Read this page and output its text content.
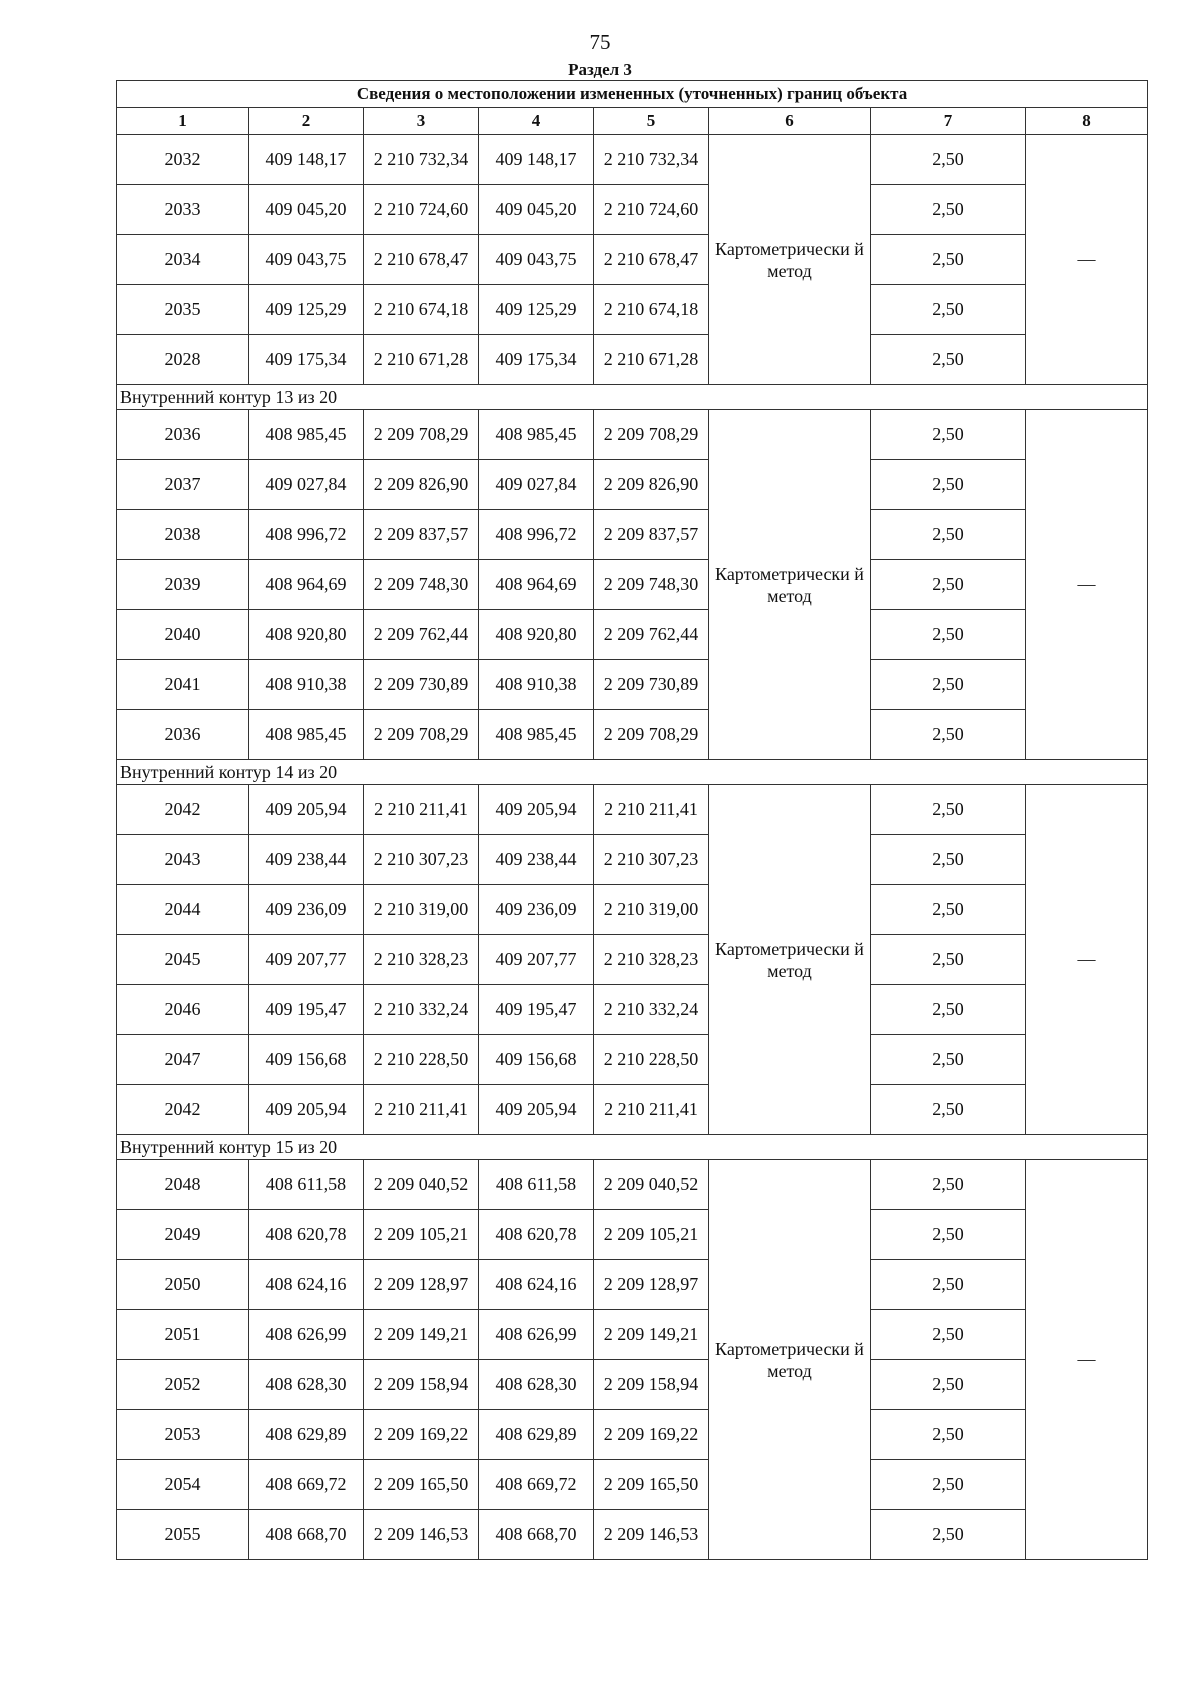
75
Раздел 3
Сведения о местоположении измененных (уточненных) границ объекта							
1	2	3	4	5	6	7	8
2032	409 148,17	2 210 732,34	409 148,17	2 210 732,34	Картометрически й метод	2,50	—
2033	409 045,20	2 210 724,60	409 045,20	2 210 724,60		2,50	
2034	409 043,75	2 210 678,47	409 043,75	2 210 678,47		2,50	
2035	409 125,29	2 210 674,18	409 125,29	2 210 674,18		2,50	
2028	409 175,34	2 210 671,28	409 175,34	2 210 671,28		2,50	
Внутренний контур 13 из 20							
2036	408 985,45	2 209 708,29	408 985,45	2 209 708,29	Картометрически й метод	2,50	—
2037	409 027,84	2 209 826,90	409 027,84	2 209 826,90		2,50	
2038	408 996,72	2 209 837,57	408 996,72	2 209 837,57		2,50	
2039	408 964,69	2 209 748,30	408 964,69	2 209 748,30		2,50	
2040	408 920,80	2 209 762,44	408 920,80	2 209 762,44		2,50	
2041	408 910,38	2 209 730,89	408 910,38	2 209 730,89		2,50	
2036	408 985,45	2 209 708,29	408 985,45	2 209 708,29		2,50	
Внутренний контур 14 из 20							
2042	409 205,94	2 210 211,41	409 205,94	2 210 211,41	Картометрически й метод	2,50	—
2043	409 238,44	2 210 307,23	409 238,44	2 210 307,23		2,50	
2044	409 236,09	2 210 319,00	409 236,09	2 210 319,00		2,50	
2045	409 207,77	2 210 328,23	409 207,77	2 210 328,23		2,50	
2046	409 195,47	2 210 332,24	409 195,47	2 210 332,24		2,50	
2047	409 156,68	2 210 228,50	409 156,68	2 210 228,50		2,50	
2042	409 205,94	2 210 211,41	409 205,94	2 210 211,41		2,50	
Внутренний контур 15 из 20							
2048	408 611,58	2 209 040,52	408 611,58	2 209 040,52	Картометрически й метод	2,50	—
2049	408 620,78	2 209 105,21	408 620,78	2 209 105,21		2,50	
2050	408 624,16	2 209 128,97	408 624,16	2 209 128,97		2,50	
2051	408 626,99	2 209 149,21	408 626,99	2 209 149,21		2,50	
2052	408 628,30	2 209 158,94	408 628,30	2 209 158,94		2,50	
2053	408 629,89	2 209 169,22	408 629,89	2 209 169,22		2,50	
2054	408 669,72	2 209 165,50	408 669,72	2 209 165,50		2,50	
2055	408 668,70	2 209 146,53	408 668,70	2 209 146,53		2,50	
